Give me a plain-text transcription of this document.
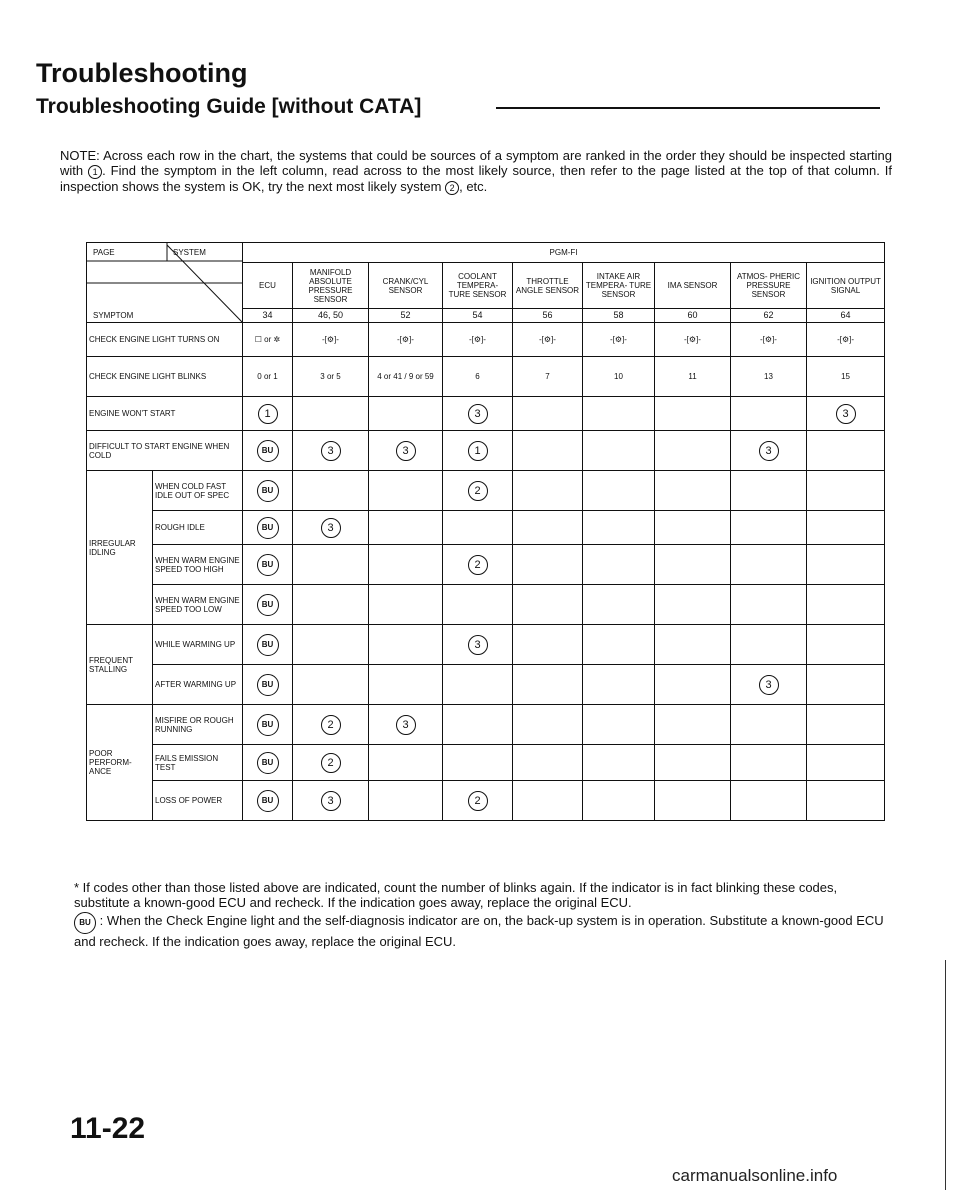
Troubleshooting
Troubleshooting Guide [without CATA]
NOTE: Across each row in the chart, the systems that could be sources of a symptom are ranked in the order they should be inspected starting with 1 . Find the symptom in the left column, read across to the most likely source, then refer to the page listed at the top of that column. If inspection shows the system is OK, try the next most likely system 2 , etc.
PAGE SYSTEM
SYMPTOM		PGM-FI								
		ECU	MANIFOLD ABSOLUTE PRESSURE SENSOR	CRANK/CYL SENSOR	COOLANT TEMPERA- TURE SENSOR	THROTTLE ANGLE SENSOR	INTAKE AIR TEMPERA- TURE SENSOR	IMA SENSOR	ATMOS- PHERIC PRESSURE SENSOR	IGNITION OUTPUT SIGNAL
		34	46, 50	52	54	56	58	60	62	64
CHECK ENGINE LIGHT TURNS ON		☐ or ✲	-[⚙]-	-[⚙]-	-[⚙]-	-[⚙]-	-[⚙]-	-[⚙]-	-[⚙]-	-[⚙]-
CHECK ENGINE LIGHT BLINKS		0 or 1	3 or 5	4 or 41 / 9 or 59	6	7	10	11	13	15
ENGINE WON'T START		1			3					3
DIFFICULT TO START ENGINE WHEN COLD		BU	3	3	1				3	
IRREGULAR IDLING	WHEN COLD FAST IDLE OUT OF SPEC	BU			2					
	ROUGH IDLE	BU	3							
	WHEN WARM ENGINE SPEED TOO HIGH	BU			2					
	WHEN WARM ENGINE SPEED TOO LOW	BU								
FREQUENT STALLING	WHILE WARMING UP	BU			3					
	AFTER WARMING UP	BU							3	
POOR PERFORM- ANCE	MISFIRE OR ROUGH RUNNING	BU	2	3						
	FAILS EMISSION TEST	BU	2							
	LOSS OF POWER	BU	3		2					

* If codes other than those listed above are indicated, count the number of blinks again. If the indicator is in fact blinking these codes, substitute a known-good ECU and recheck. If the indication goes away, replace the original ECU.

BU : When the Check Engine light and the self-diagnosis indicator are on, the back-up system is in operation. Substitute a known-good ECU and recheck. If the indication goes away, replace the original ECU.

11-22
carmanualsonline.info
